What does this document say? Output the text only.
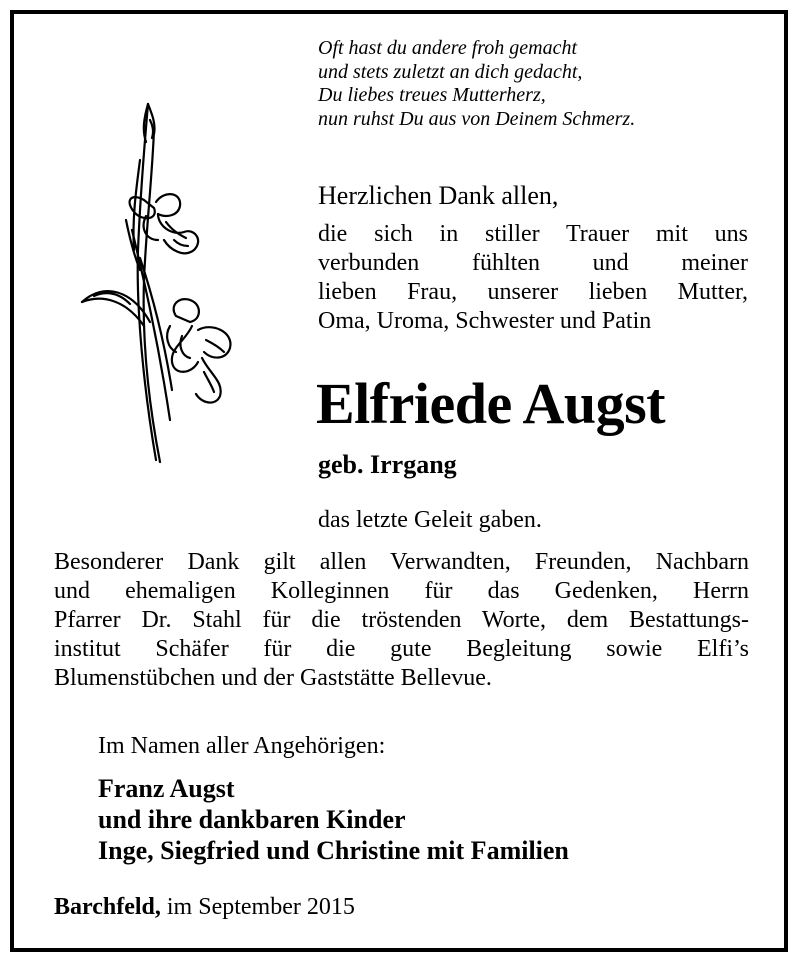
Oft hast du andere froh gemacht
und stets zuletzt an dich gedacht,
Du liebes treues Mutterherz,
nun ruhst Du aus von Deinem Schmerz.
Herzlichen Dank allen,
die sich in stiller Trauer mit uns
verbunden fühlten und meiner
lieben Frau, unserer lieben Mutter,
Oma, Uroma, Schwester und Patin
Elfriede Augst
geb. Irrgang
das letzte Geleit gaben.
Besonderer Dank gilt allen Verwandten, Freunden, Nachbarn
und ehemaligen Kolleginnen für das Gedenken, Herrn
Pfarrer Dr. Stahl für die tröstenden Worte, dem Bestattungs-
institut Schäfer für die gute Begleitung sowie Elfi’s
Blumenstübchen und der Gaststätte Bellevue.
Im Namen aller Angehörigen:
Franz Augst
und ihre dankbaren Kinder
Inge, Siegfried und Christine mit Familien
Barchfeld, im September 2015
